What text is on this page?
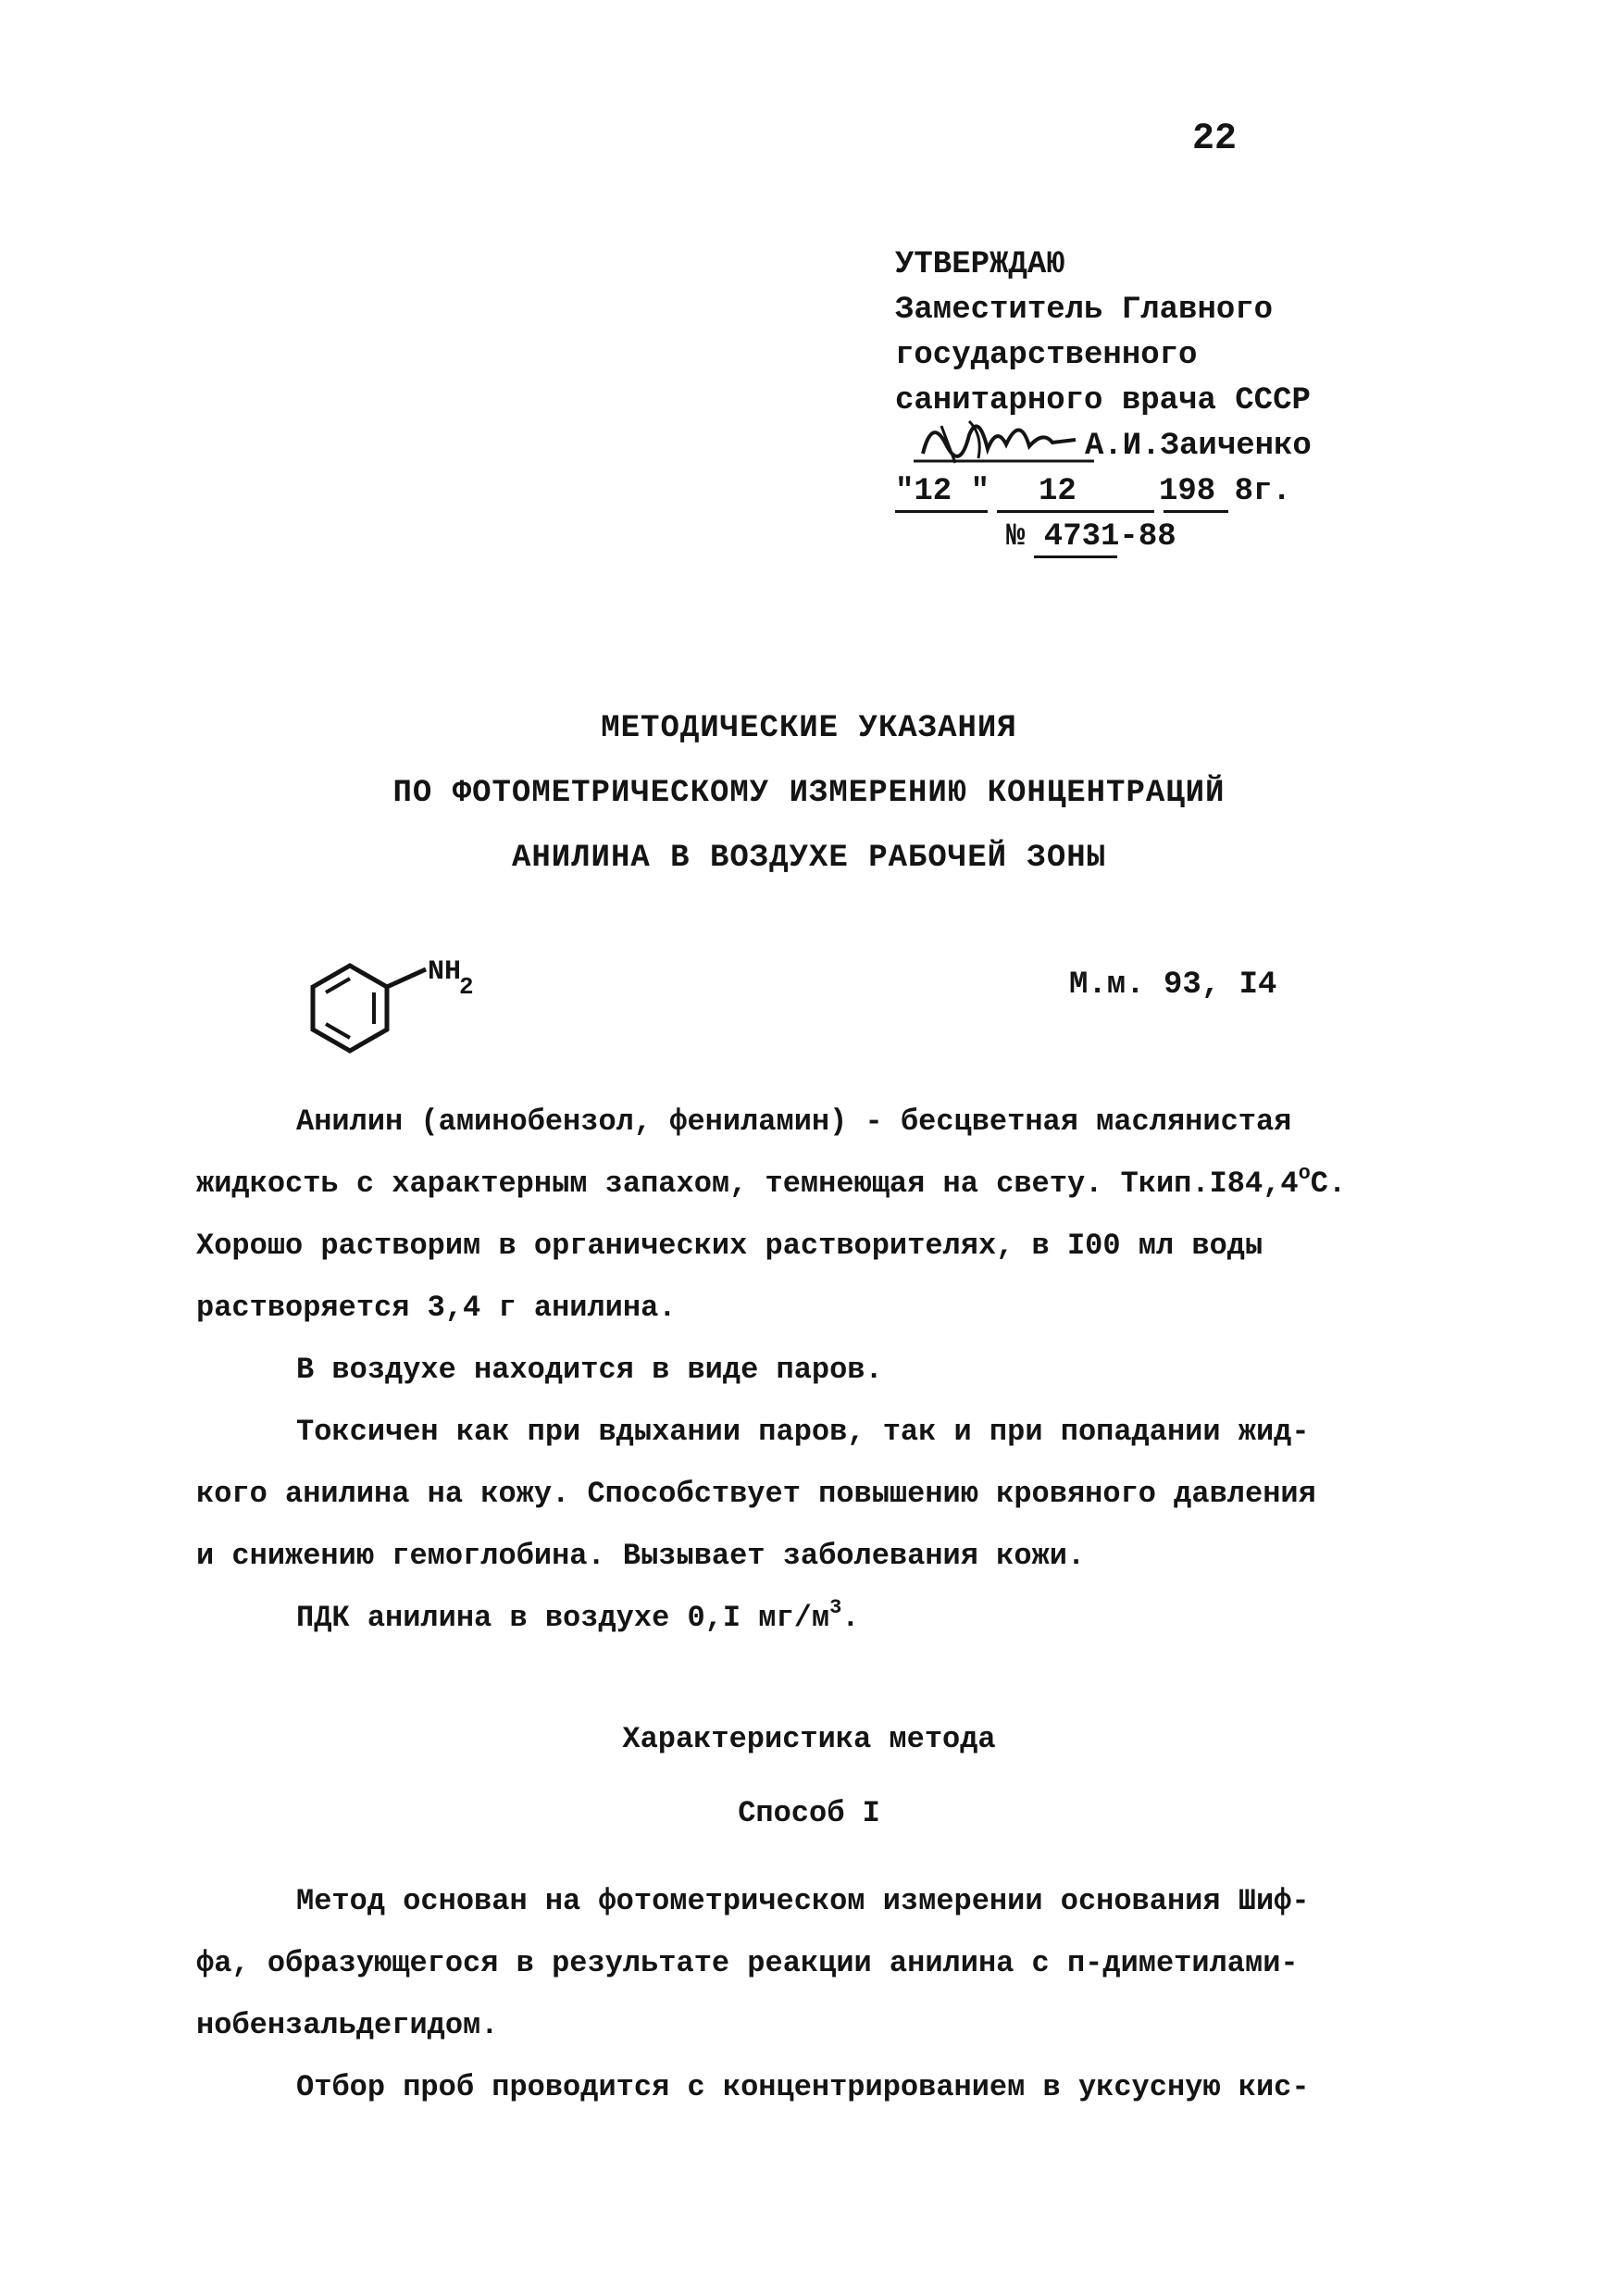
22
УТВЕРЖДАЮ
Заместитель Главного
государственного
санитарного врача СССР
А.И.Заиченко
"12 " 12	198 8г.
№ 4731-88
МЕТОДИЧЕСКИЕ УКАЗАНИЯ
ПО ФОТОМЕТРИЧЕСКОМУ ИЗМЕРЕНИЮ КОНЦЕНТРАЦИЙ
АНИЛИНА В ВОЗДУХЕ РАБОЧЕЙ ЗОНЫ
NH
2	М.м. 93, I4

Анилин (аминобензол, фениламин) - бесцветная маслянистая

жидкость с характерным запахом, темнеющая на свету. Ткип.I84,4$^o$C.

Хорошо растворим в органических растворителях, в I00 мл воды

растворяется 3,4 г анилина.

В воздухе находится в виде паров.

Токсичен как при вдыхании паров, так и при попадании жид-

кого анилина на кожу. Способствует повышению кровяного давления

и снижению гемоглобина. Вызывает заболевания кожи.

ПДК анилина в воздухе 0,I $мг/м^3$.

Характеристика метода
Способ I

Метод основан на фотометрическом измерении основания Шиф-

фа, образующегося в результате реакции анилина с п-диметилами-

нобензальдегидом.

Отбор проб проводится с концентрированием в уксусную кис-
